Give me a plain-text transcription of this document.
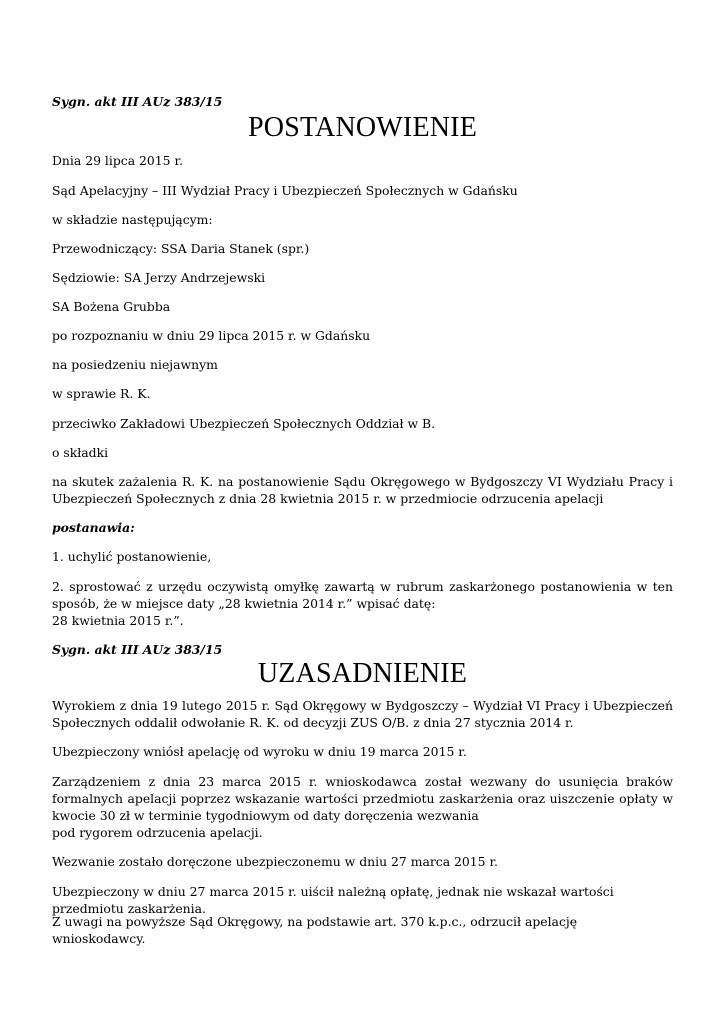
Sygn. akt III AUz 383/15
POSTANOWIENIE
Dnia 29 lipca 2015 r.
Sąd Apelacyjny – III Wydział Pracy i Ubezpieczeń Społecznych w Gdańsku
w składzie następującym:
Przewodniczący: SSA Daria Stanek (spr.)
Sędziowie: SA Jerzy Andrzejewski
SA Bożena Grubba
po rozpoznaniu w dniu 29 lipca 2015 r. w Gdańsku
na posiedzeniu niejawnym
w sprawie R. K.
przeciwko Zakładowi Ubezpieczeń Społecznych Oddział w B.
o składki
na skutek zażalenia R. K. na postanowienie Sądu Okręgowego w Bydgoszczy VI Wydziału Pracy i Ubezpieczeń Społecznych z dnia 28 kwietnia 2015 r. w przedmiocie odrzucenia apelacji
postanawia:
1. uchylić postanowienie,
2. sprostować z urzędu oczywistą omyłkę zawartą w rubrum zaskarżonego postanowienia w ten sposób, że w miejsce daty „28 kwietnia 2014 r.” wpisać datę:
28 kwietnia 2015 r.”.
Sygn. akt III AUz 383/15
UZASADNIENIE
Wyrokiem z dnia 19 lutego 2015 r. Sąd Okręgowy w Bydgoszczy – Wydział VI Pracy i Ubezpieczeń Społecznych oddalił odwołanie R. K. od decyzji ZUS O/B. z dnia 27 stycznia 2014 r.
Ubezpieczony wniósł apelację od wyroku w dniu 19 marca 2015 r.
Zarządzeniem z dnia 23 marca 2015 r. wnioskodawca został wezwany do usunięcia braków formalnych apelacji poprzez wskazanie wartości przedmiotu zaskarżenia oraz uiszczenie opłaty w kwocie 30 zł w terminie tygodniowym od daty doręczenia wezwania
pod rygorem odrzucenia apelacji.
Wezwanie zostało doręczone ubezpieczonemu w dniu 27 marca 2015 r.
Ubezpieczony w dniu 27 marca 2015 r. uiścił należną opłatę, jednak nie wskazał wartości przedmiotu zaskarżenia.
Z uwagi na powyższe Sąd Okręgowy, na podstawie art. 370 k.p.c., odrzucił apelację wnioskodawcy.
